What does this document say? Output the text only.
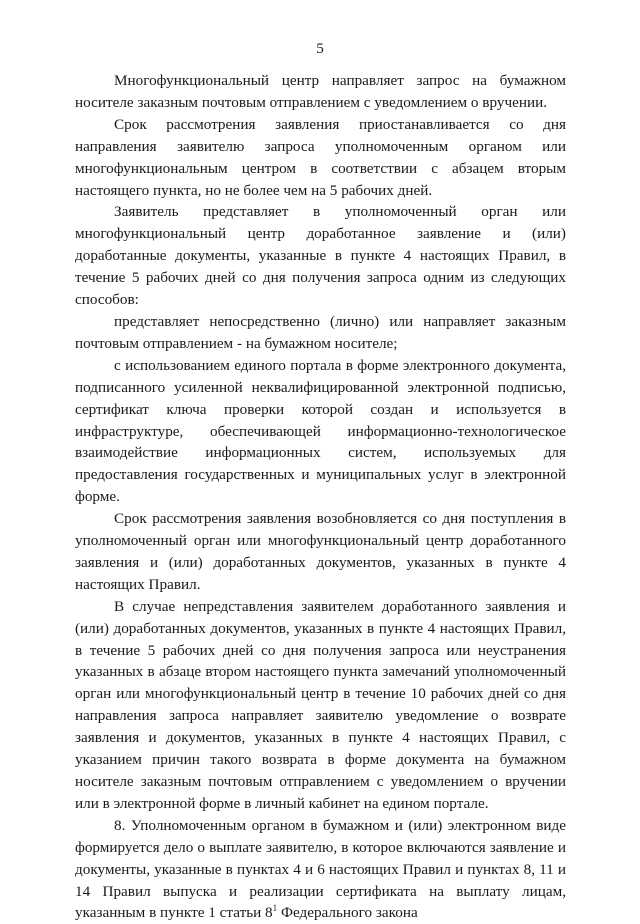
5

Многофункциональный центр направляет запрос на бумажном носителе заказным почтовым отправлением с уведомлением о вручении.

Срок рассмотрения заявления приостанавливается со дня направления заявителю запроса уполномоченным органом или многофункциональным центром в соответствии с абзацем вторым настоящего пункта, но не более чем на 5 рабочих дней.

Заявитель представляет в уполномоченный орган или многофункциональный центр доработанное заявление и (или) доработанные документы, указанные в пункте 4 настоящих Правил, в течение 5 рабочих дней со дня получения запроса одним из следующих способов:

представляет непосредственно (лично) или направляет заказным почтовым отправлением - на бумажном носителе;

с использованием единого портала в форме электронного документа, подписанного усиленной неквалифицированной электронной подписью, сертификат ключа проверки которой создан и используется в инфраструктуре, обеспечивающей информационно-технологическое взаимодействие информационных систем, используемых для предоставления государственных и муниципальных услуг в электронной форме.

Срок рассмотрения заявления возобновляется со дня поступления в уполномоченный орган или многофункциональный центр доработанного заявления и (или) доработанных документов, указанных в пункте 4 настоящих Правил.

В случае непредставления заявителем доработанного заявления и (или) доработанных документов, указанных в пункте 4 настоящих Правил, в течение 5 рабочих дней со дня получения запроса или неустранения указанных в абзаце втором настоящего пункта замечаний уполномоченный орган или многофункциональный центр в течение 10 рабочих дней со дня направления запроса направляет заявителю уведомление о возврате заявления и документов, указанных в пункте 4 настоящих Правил, с указанием причин такого возврата в форме документа на бумажном носителе заказным почтовым отправлением с уведомлением о вручении или в электронной форме в личный кабинет на едином портале.

8. Уполномоченным органом в бумажном и (или) электронном виде формируется дело о выплате заявителю, в которое включаются заявление и документы, указанные в пунктах 4 и 6 настоящих Правил и пунктах 8, 11 и 14 Правил выпуска и реализации сертификата на выплату лицам, указанным в пункте 1 статьи $8^1$ Федерального закона
